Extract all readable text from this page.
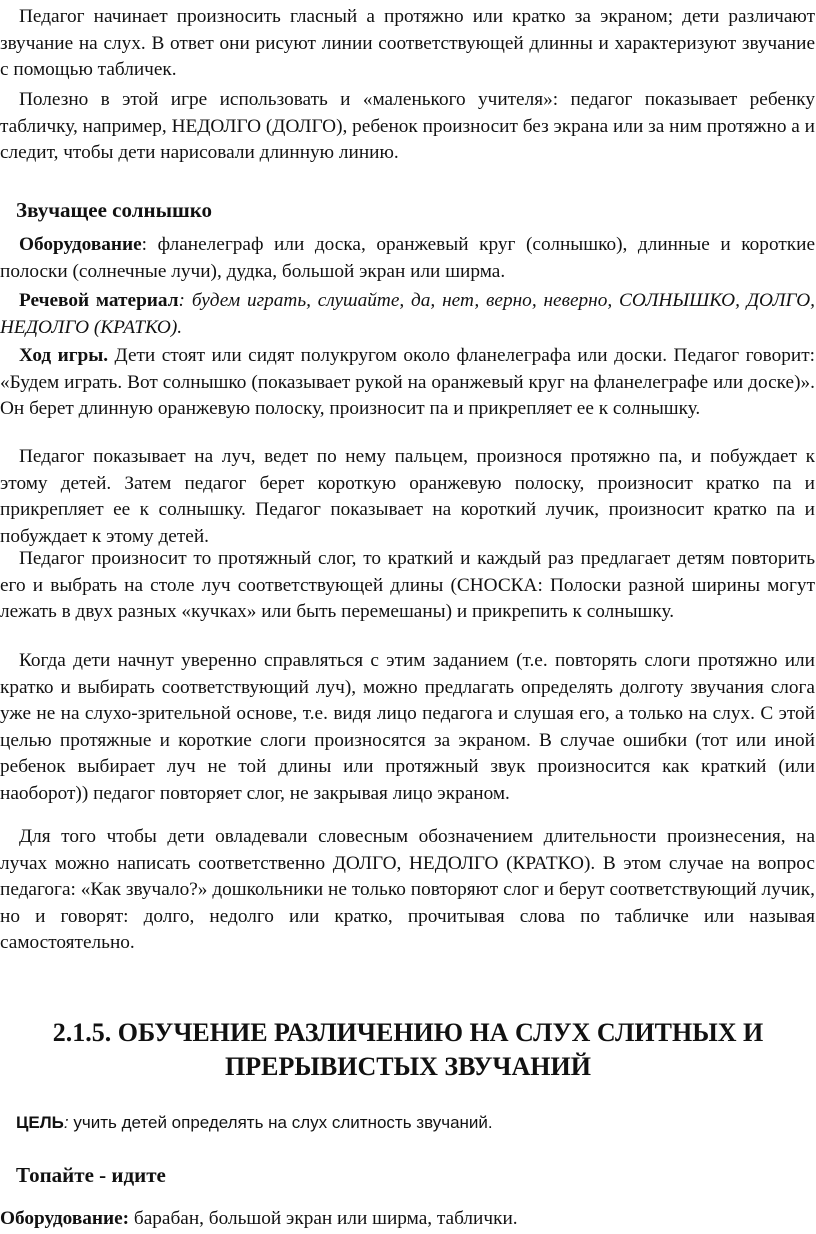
Педагог начинает произносить гласный а протяжно или кратко за экраном; дети различают звучание на слух. В ответ они рисуют линии соответствующей длинны и характеризуют звучание с помощью табличек.

Полезно в этой игре использовать и «маленького учителя»: педагог показывает ребенку табличку, например, НЕДОЛГО (ДОЛГО), ребенок произносит без экрана или за ним протяжно а и следит, чтобы дети нарисовали длинную линию.

Звучащее солнышко

Оборудование: фланелеграф или доска, оранжевый круг (солнышко), длинные и короткие полоски (солнечные лучи), дудка, большой экран или ширма.

Речевой материал: будем играть, слушайте, да, нет, верно, неверно, СОЛНЫШКО, ДОЛГО, НЕДОЛГО (КРАТКО).

Ход игры. Дети стоят или сидят полукругом около фланелеграфа или доски. Педагог говорит: «Будем играть. Вот солнышко (показывает рукой на оранжевый круг на фланелеграфе или доске)». Он берет длинную оранжевую полоску, произносит па и прикрепляет ее к солнышку.

Педагог показывает на луч, ведет по нему пальцем, произнося протяжно па, и побуждает к этому детей. Затем педагог берет короткую оранжевую полоску, произносит кратко па и прикрепляет ее к солнышку. Педагог показывает на короткий лучик, произносит кратко па и побуждает к этому детей.

Педагог произносит то протяжный слог, то краткий и каждый раз предлагает детям повторить его и выбрать на столе луч соответствующей длины (СНОСКА: Полоски разной ширины могут лежать в двух разных «кучках» или быть перемешаны) и прикрепить к солнышку.

Когда дети начнут уверенно справляться с этим заданием (т.е. повторять слоги протяжно или кратко и выбирать соответствующий луч), можно предлагать определять долготу звучания слога уже не на слухо-зрительной основе, т.е. видя лицо педагога и слушая его, а только на слух. С этой целью протяжные и короткие слоги произносятся за экраном. В случае ошибки (тот или иной ребенок выбирает луч не той длины или протяжный звук произносится как краткий (или наоборот)) педагог повторяет слог, не закрывая лицо экраном.

Для того чтобы дети овладевали словесным обозначением длительности произнесения, на лучах можно написать соответственно ДОЛГО, НЕДОЛГО (КРАТКО). В этом случае на вопрос педагога: «Как звучало?» дошкольники не только повторяют слог и берут соответствующий лучик, но и говорят: долго, недолго или кратко, прочитывая слова по табличке или называя самостоятельно.

2.1.5. ОБУЧЕНИЕ РАЗЛИЧЕНИЮ НА СЛУХ СЛИТНЫХ И
ПРЕРЫВИСТЫХ ЗВУЧАНИЙ

ЦЕЛЬ: учить детей определять на слух слитность звучаний.

Топайте - идите

Оборудование: барабан, большой экран или ширма, таблички.
